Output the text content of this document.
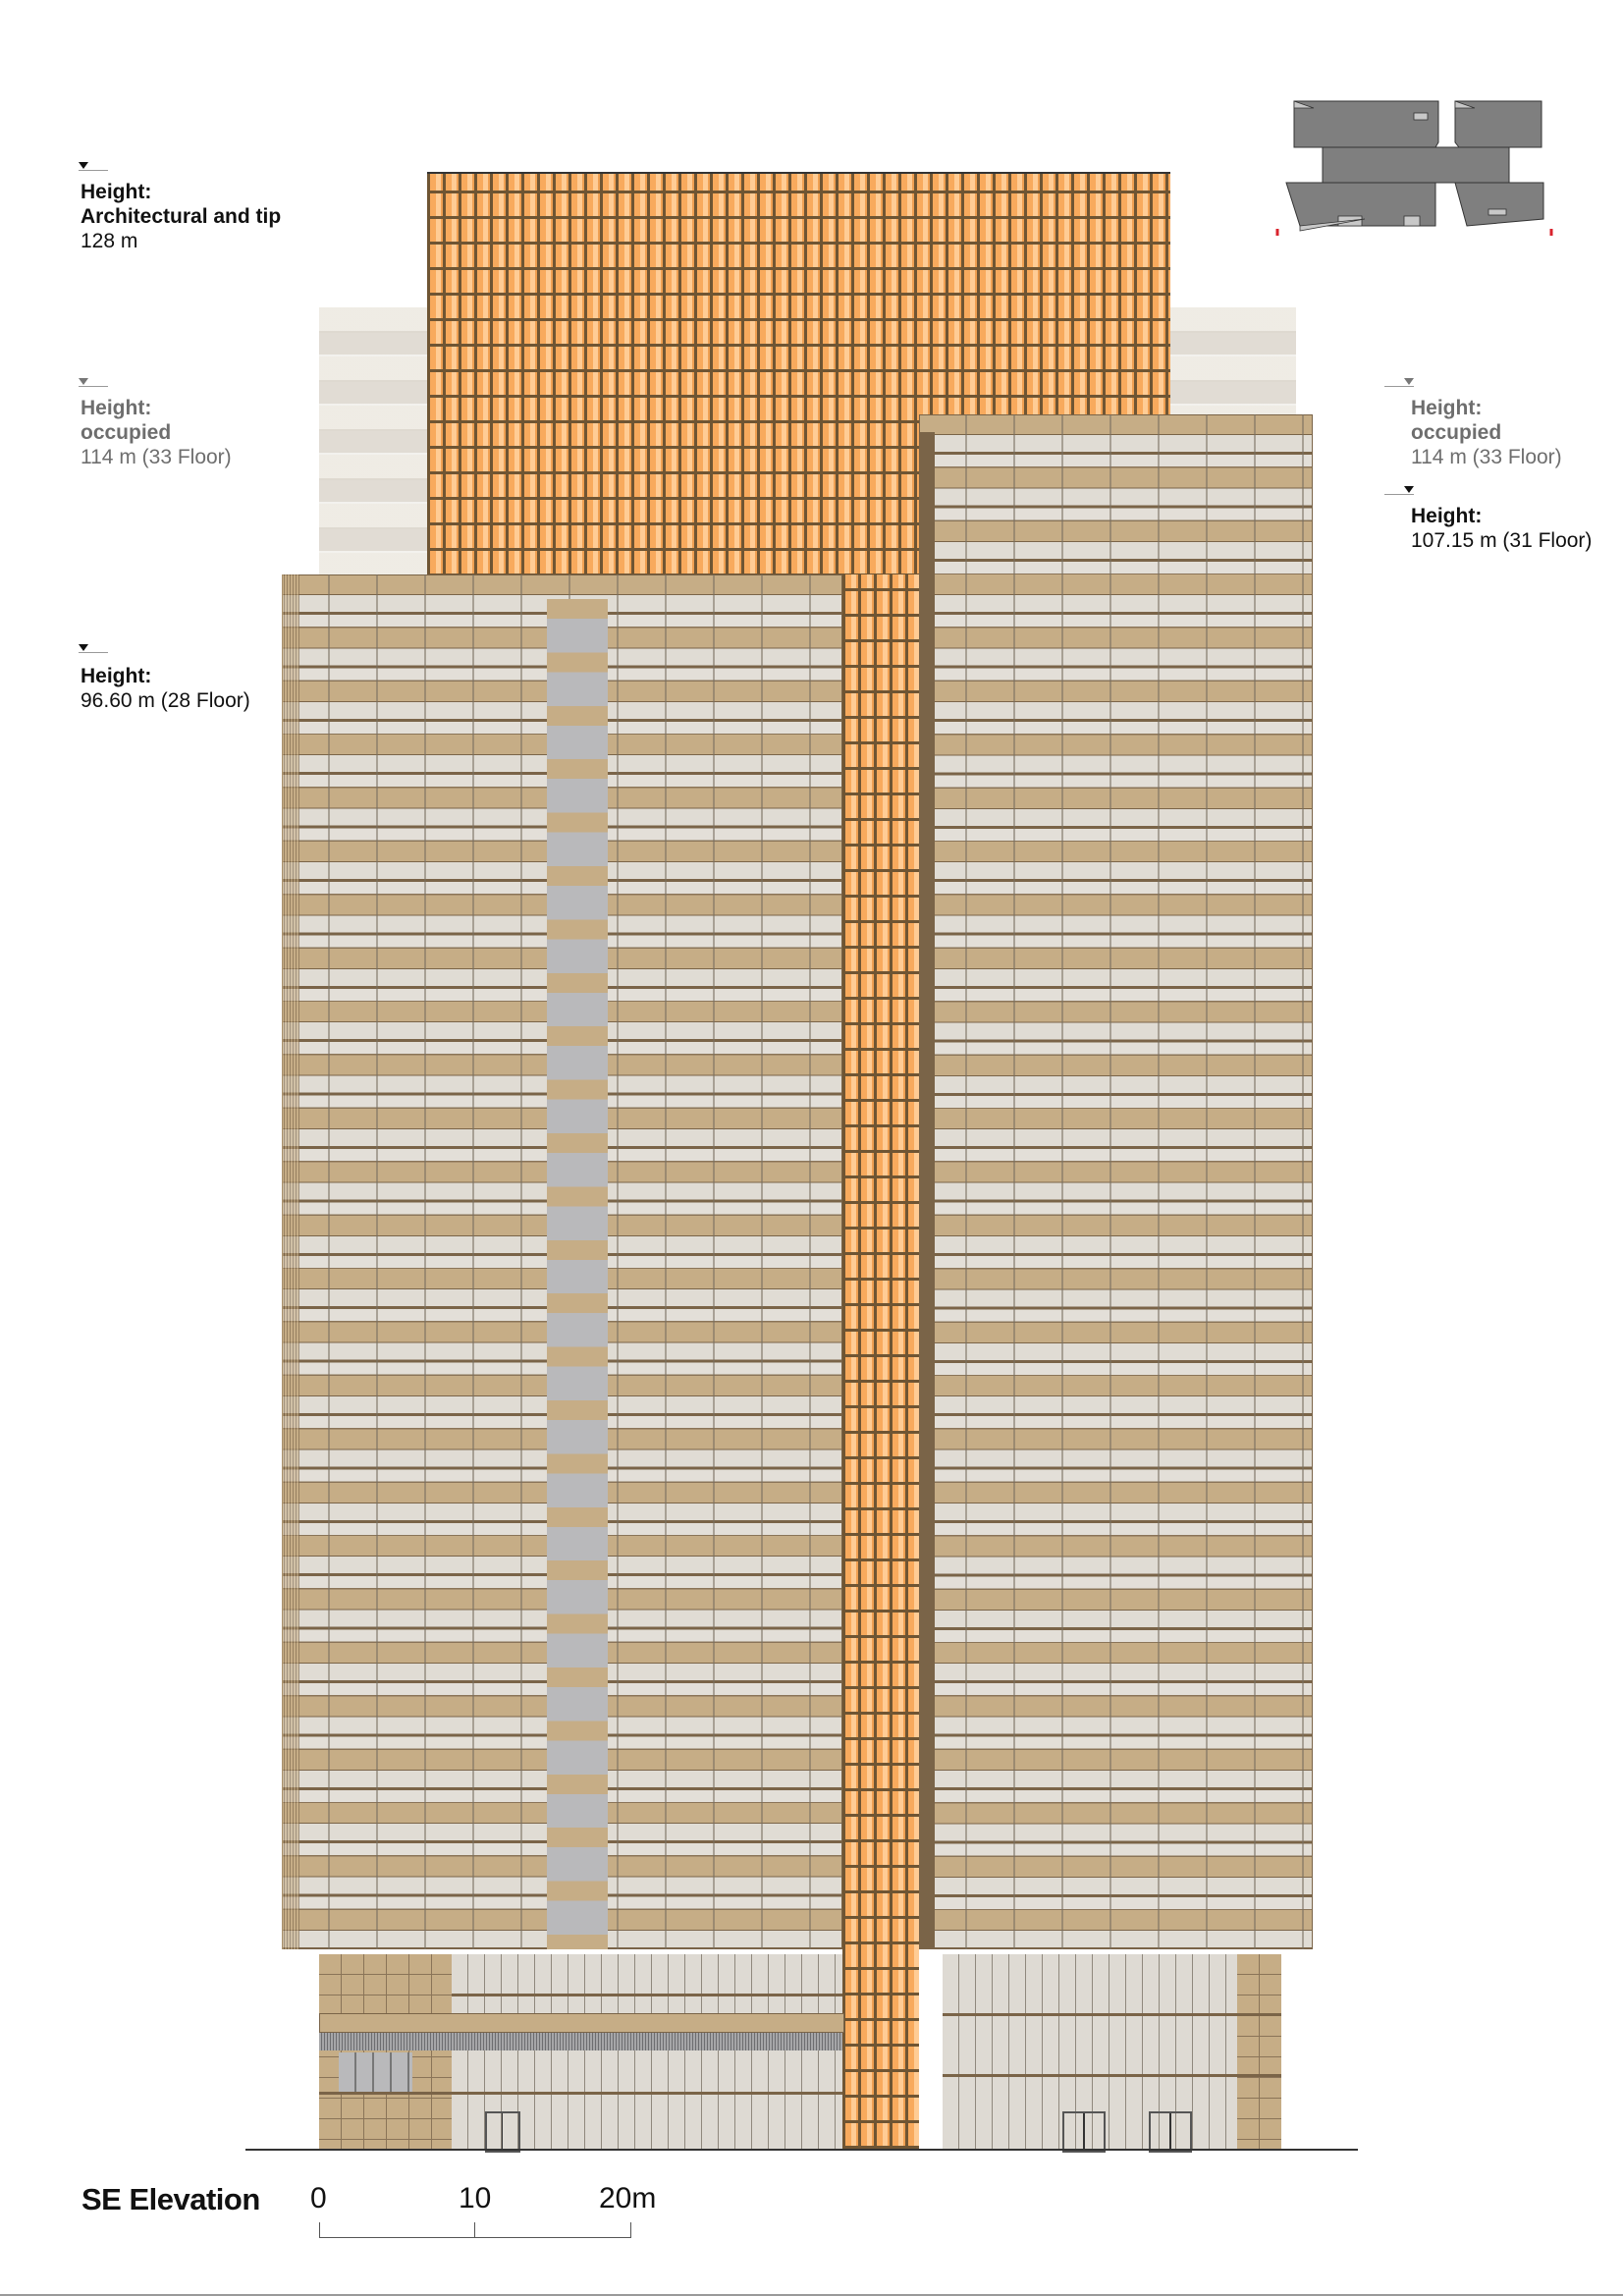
Height:
Architectural and tip
128 m
Height:
occupied
114 m (33 Floor)
Height:
96.60 m (28 Floor)
Height:
occupied
114 m (33 Floor)
Height:
107.15 m (31 Floor)
SE Elevation 0	10	20m
